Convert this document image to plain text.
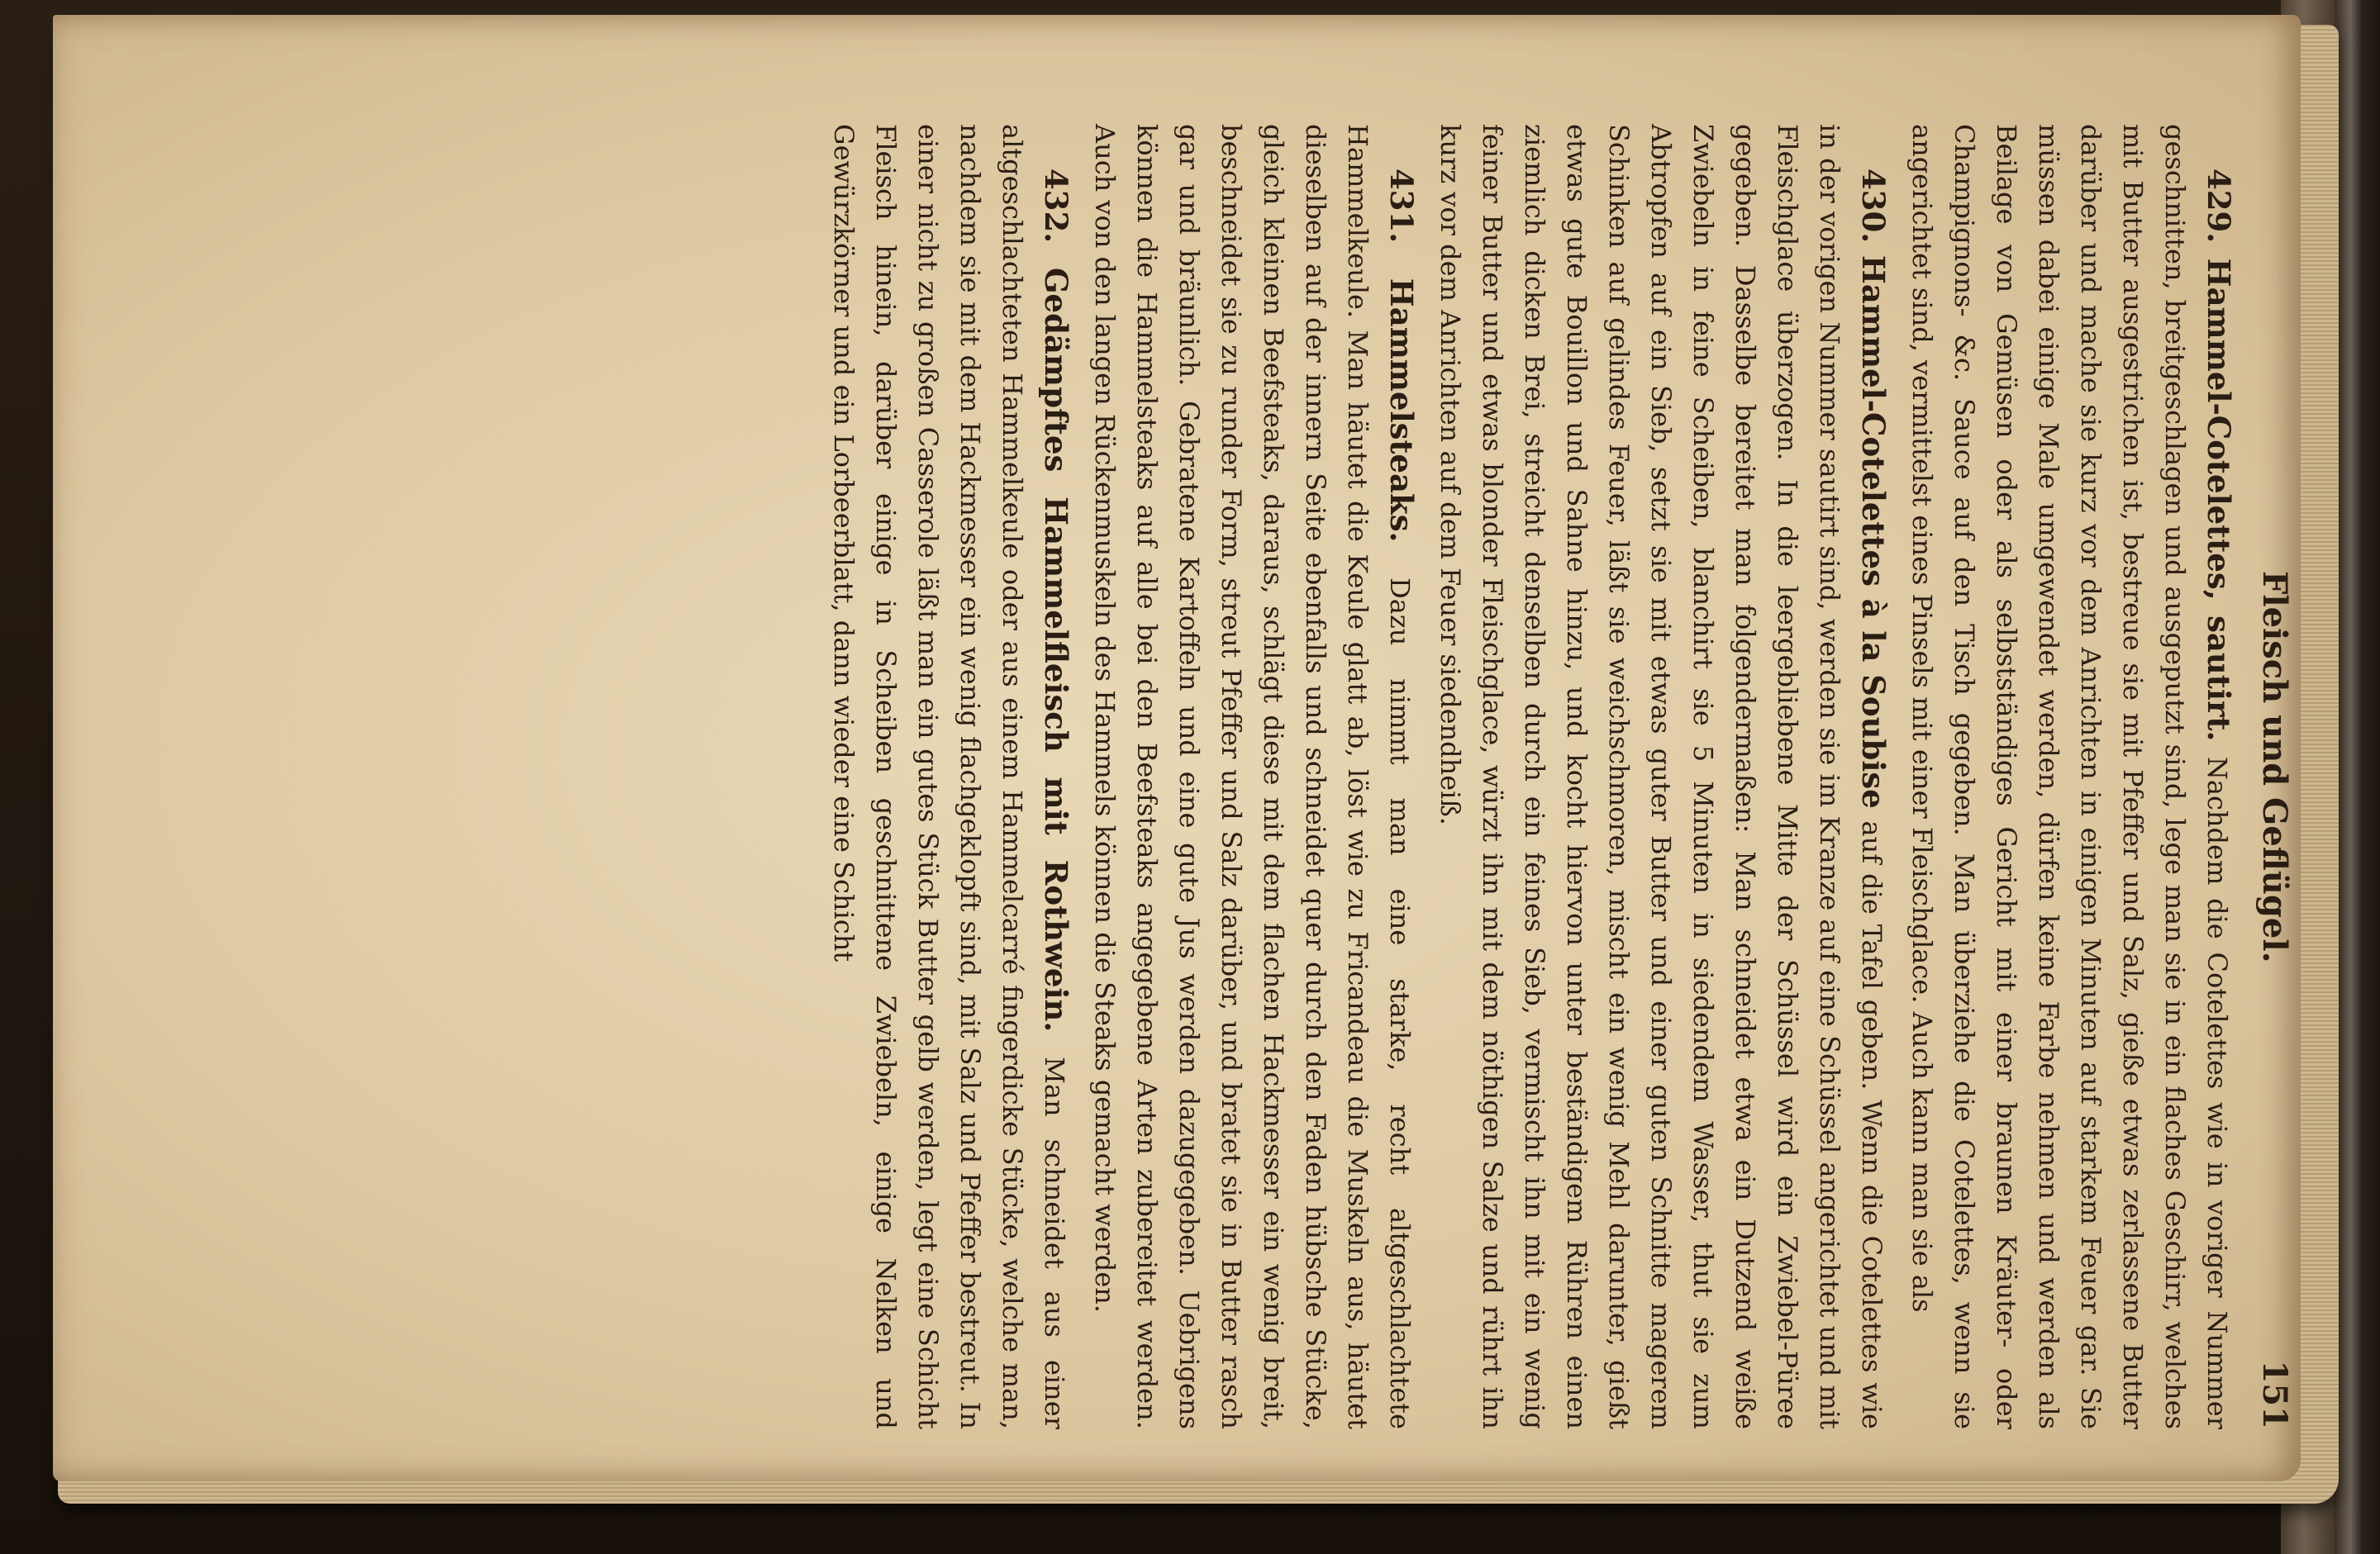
Fleisch und Geflügel.
151

429. Hammel-Cotelettes, sautirt. Nachdem die Cotelettes wie in voriger Nummer geschnitten, breitgeschlagen und ausgeputzt sind, lege man sie in ein flaches Geschirr, welches mit Butter ausgestrichen ist, bestreue sie mit Pfeffer und Salz, gieße etwas zerlassene Butter darüber und mache sie kurz vor dem Anrichten in einigen Minuten auf starkem Feuer gar. Sie müssen dabei einige Male umgewendet werden, dürfen keine Farbe nehmen und werden als Beilage von Gemüsen oder als selbstständiges Gericht mit einer braunen Kräuter- oder Champignons- &c. Sauce auf den Tisch gegeben. Man überziehe die Cotelettes, wenn sie angerichtet sind, vermittelst eines Pinsels mit einer Fleischglace. Auch kann man sie als

430. Hammel-Cotelettes à la Soubise auf die Tafel geben. Wenn die Cotelettes wie in der vorigen Nummer sautirt sind, werden sie im Kranze auf eine Schüssel angerichtet und mit Fleischglace überzogen. In die leergebliebene Mitte der Schüssel wird ein Zwiebel-Püree gegeben. Dasselbe bereitet man folgendermaßen: Man schneidet etwa ein Dutzend weiße Zwiebeln in feine Scheiben, blanchirt sie 5 Minuten in siedendem Wasser, thut sie zum Abtropfen auf ein Sieb, setzt sie mit etwas guter Butter und einer guten Schnitte magerem Schinken auf gelindes Feuer, läßt sie weichschmoren, mischt ein wenig Mehl darunter, gießt etwas gute Bouillon und Sahne hinzu, und kocht hiervon unter beständigem Rühren einen ziemlich dicken Brei, streicht denselben durch ein feines Sieb, vermischt ihn mit ein wenig feiner Butter und etwas blonder Fleischglace, würzt ihn mit dem nöthigen Salze und rührt ihn kurz vor dem Anrichten auf dem Feuer siedendheiß.

431. Hammelsteaks. Dazu nimmt man eine starke, recht altgeschlachtete Hammelkeule. Man häutet die Keule glatt ab, löst wie zu Fricandeau die Muskeln aus, häutet dieselben auf der innern Seite ebenfalls und schneidet quer durch den Faden hübsche Stücke, gleich kleinen Beefsteaks, daraus, schlägt diese mit dem flachen Hackmesser ein wenig breit, beschneidet sie zu runder Form, streut Pfeffer und Salz darüber, und bratet sie in Butter rasch gar und bräunlich. Gebratene Kartoffeln und eine gute Jus werden dazugegeben. Uebrigens können die Hammelsteaks auf alle bei den Beefsteaks angegebene Arten zubereitet werden. Auch von den langen Rückenmuskeln des Hammels können die Steaks gemacht werden.

432. Gedämpftes Hammelfleisch mit Rothwein. Man schneidet aus einer altgeschlachteten Hammelkeule oder aus einem Hammelcarré fingerdicke Stücke, welche man, nachdem sie mit dem Hackmesser ein wenig flachgeklopft sind, mit Salz und Pfeffer bestreut. In einer nicht zu großen Casserole läßt man ein gutes Stück Butter gelb werden, legt eine Schicht Fleisch hinein, darüber einige in Scheiben geschnittene Zwiebeln, einige Nelken und Gewürzkörner und ein Lorbeerblatt, dann wieder eine Schicht
